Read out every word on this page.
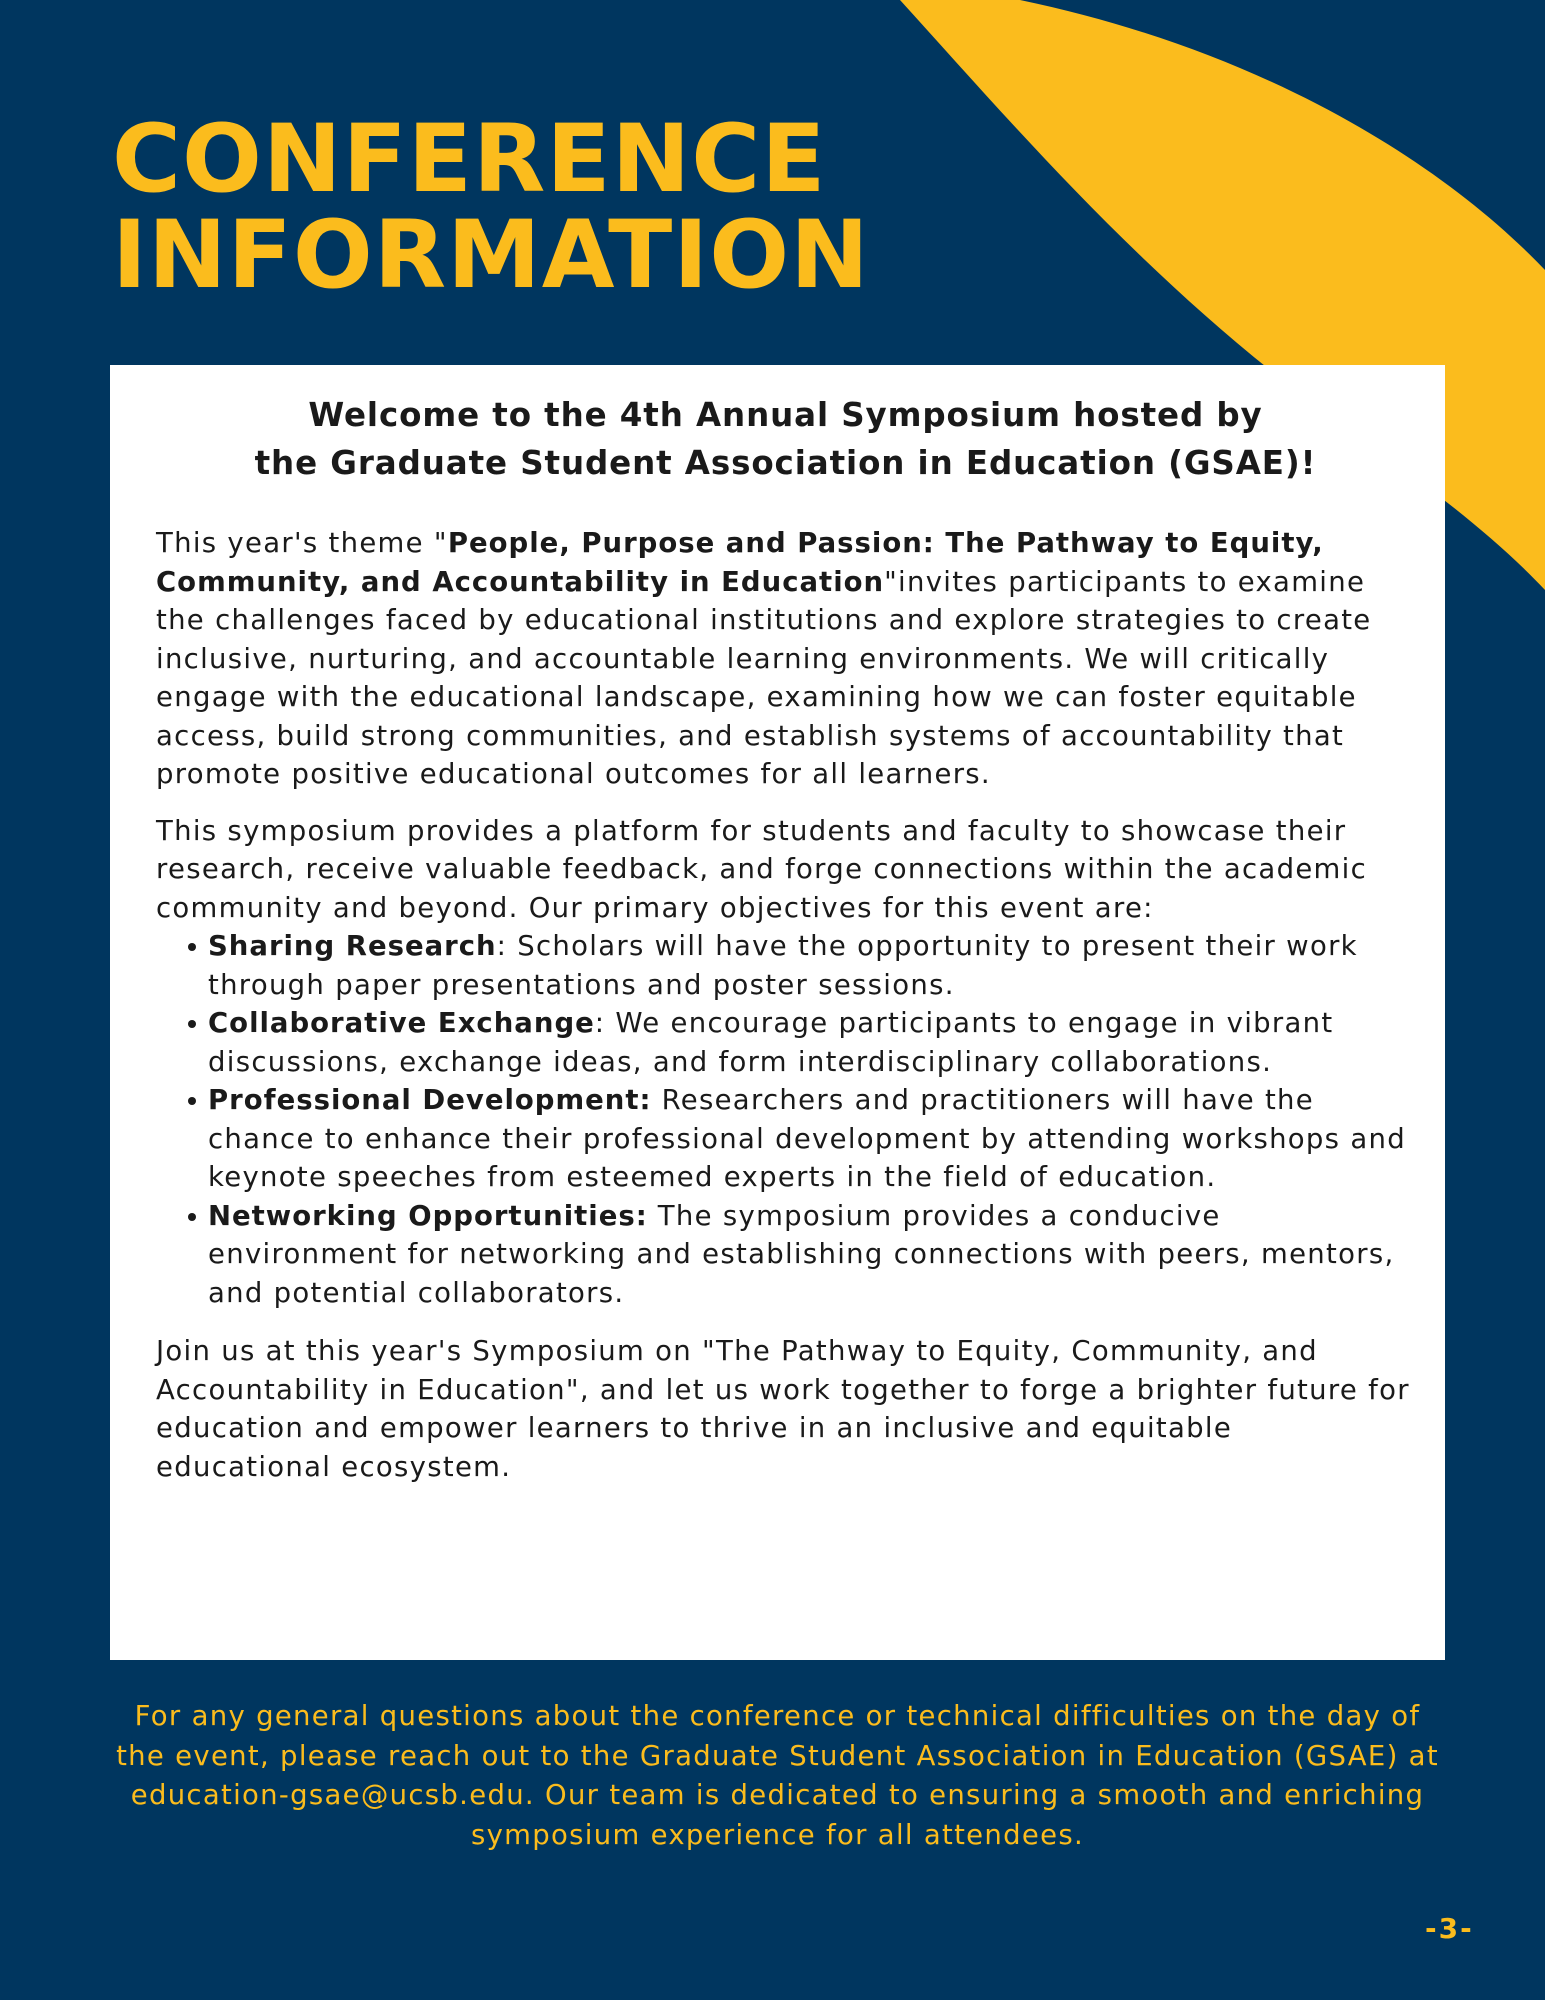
CONFERENCE
INFORMATION
Welcome to the 4th Annual Symposium hosted by
the Graduate Student Association in Education (GSAE)!

This year's theme "People, Purpose and Passion: The Pathway to Equity, Community, and Accountability in Education"invites participants to examine the challenges faced by educational institutions and explore strategies to create inclusive, nurturing, and accountable learning environments. We will critically engage with the educational landscape, examining how we can foster equitable access, build strong communities, and establish systems of accountability that promote positive educational outcomes for all learners.

This symposium provides a platform for students and faculty to showcase their research, receive valuable feedback, and forge connections within the academic community and beyond. Our primary objectives for this event are:

Sharing Research: Scholars will have the opportunity to present their work through paper presentations and poster sessions.
Collaborative Exchange: We encourage participants to engage in vibrant discussions, exchange ideas, and form interdisciplinary collaborations.
Professional Development: Researchers and practitioners will have the chance to enhance their professional development by attending workshops and keynote speeches from esteemed experts in the field of education.
Networking Opportunities: The symposium provides a conducive environment for networking and establishing connections with peers, mentors, and potential collaborators.

Join us at this year's Symposium on "The Pathway to Equity, Community, and Accountability in Education", and let us work together to forge a brighter future for education and empower learners to thrive in an inclusive and equitable educational ecosystem.

For any general questions about the conference or technical difficulties on the day of the event, please reach out to the Graduate Student Association in Education (GSAE) at education-gsae@ucsb.edu. Our team is dedicated to ensuring a smooth and enriching symposium experience for all attendees.

-3-
